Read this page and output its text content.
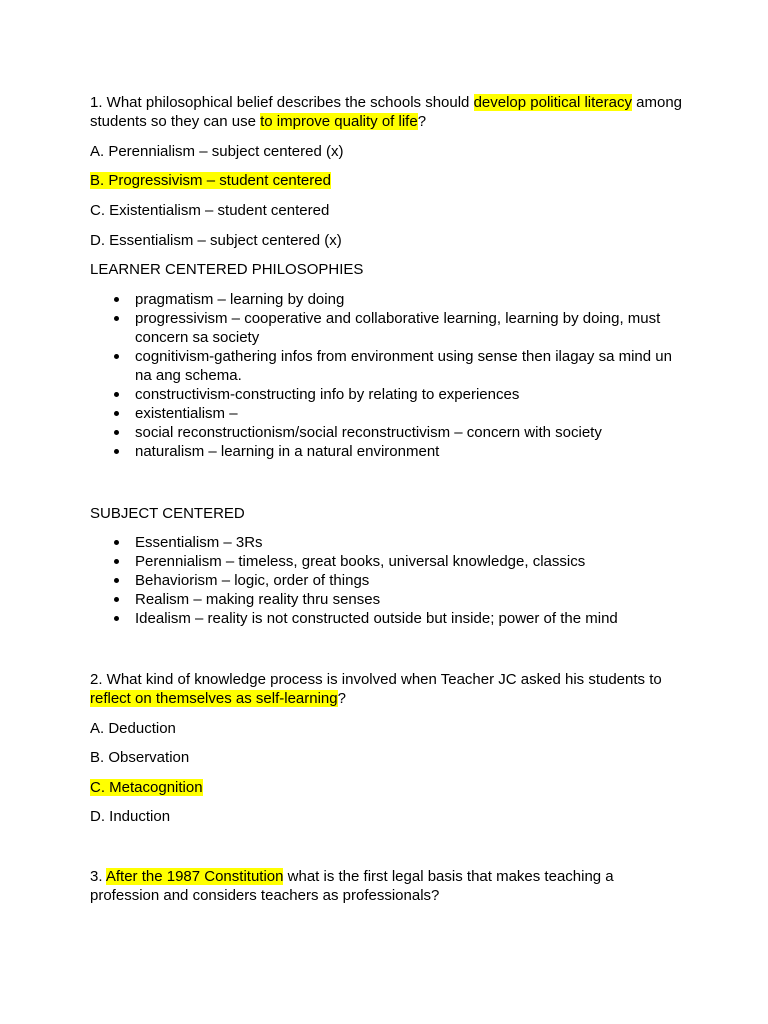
1. What philosophical belief describes the schools should develop political literacy among students so they can use to improve quality of life?

A. Perennialism – subject centered (x)

B. Progressivism – student centered

C. Existentialism – student centered

D. Essentialism – subject centered (x)

LEARNER CENTERED PHILOSOPHIES

pragmatism – learning by doing
progressivism – cooperative and collaborative learning, learning by doing, must concern sa society
cognitivism-gathering infos from environment using sense then ilagay sa mind un na ang schema.
constructivism-constructing info by relating to experiences
existentialism –
social reconstructionism/social reconstructivism – concern with society
naturalism – learning in a natural environment

SUBJECT CENTERED

Essentialism – 3Rs
Perennialism – timeless, great books, universal knowledge, classics
Behaviorism – logic, order of things
Realism – making reality thru senses
Idealism – reality is not constructed outside but inside; power of the mind

2. What kind of knowledge process is involved when Teacher JC asked his students to reflect on themselves as self-learning?

A. Deduction

B. Observation

C. Metacognition

D. Induction

3. After the 1987 Constitution what is the first legal basis that makes teaching a profession and considers teachers as professionals?
